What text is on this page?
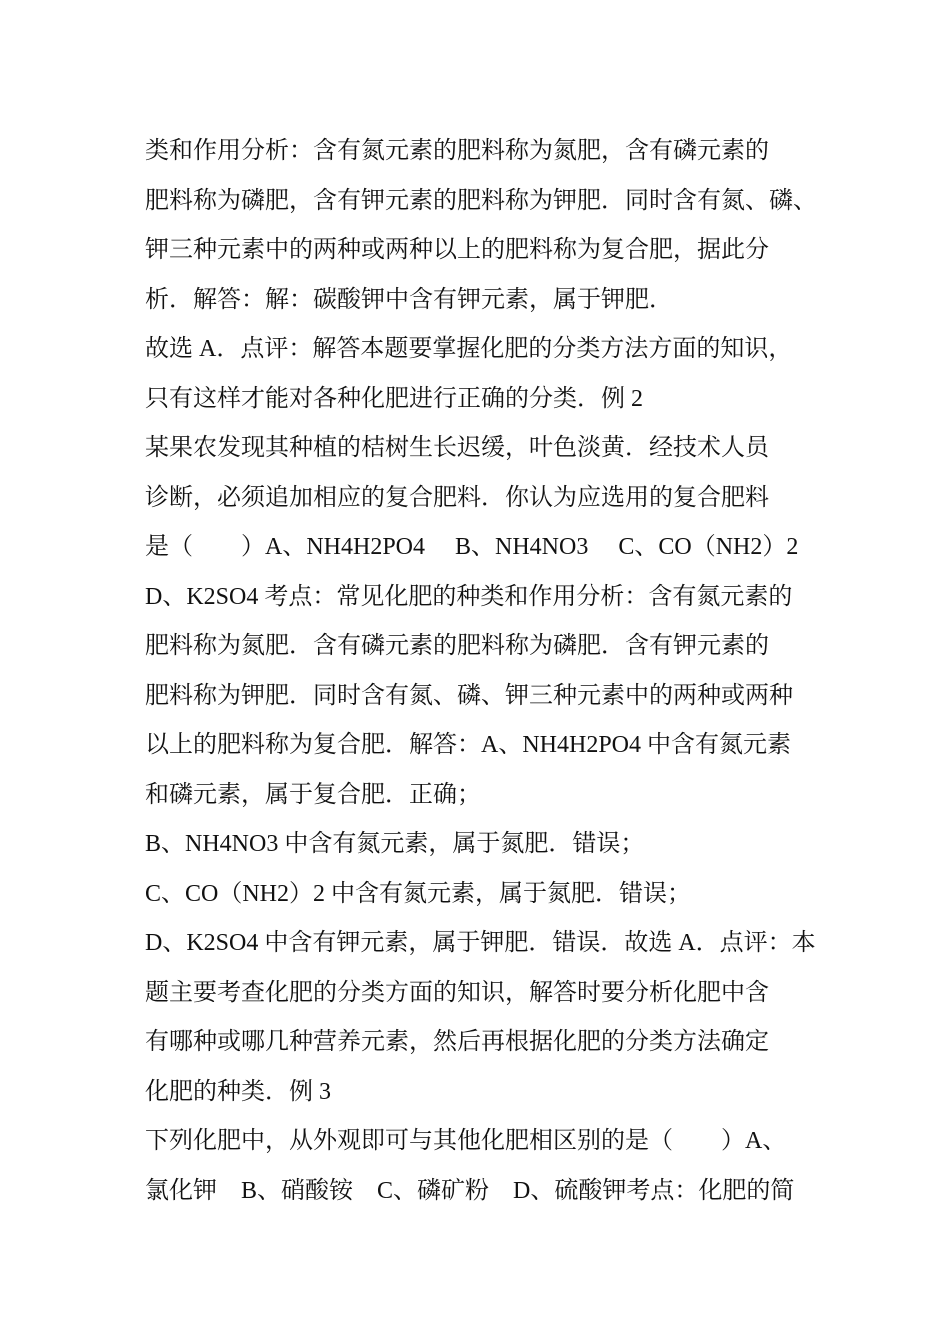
类和作用分析：含有氮元素的肥料称为氮肥，含有磷元素的
肥料称为磷肥，含有钾元素的肥料称为钾肥．同时含有氮、磷、
钾三种元素中的两种或两种以上的肥料称为复合肥，据此分
析．解答：解：碳酸钾中含有钾元素，属于钾肥．
故选 A．点评：解答本题要掌握化肥的分类方法方面的知识，
只有这样才能对各种化肥进行正确的分类．例 2
某果农发现其种植的桔树生长迟缓，叶色淡黄．经技术人员
诊断，必须追加相应的复合肥料．你认为应选用的复合肥料
是（　　）A、NH4H2PO4　 B、NH4NO3　 C、CO（NH2）2
D、K2SO4 考点：常见化肥的种类和作用分析：含有氮元素的
肥料称为氮肥．含有磷元素的肥料称为磷肥．含有钾元素的
肥料称为钾肥．同时含有氮、磷、钾三种元素中的两种或两种
以上的肥料称为复合肥．解答：A、NH4H2PO4 中含有氮元素
和磷元素，属于复合肥．正确；
B、NH4NO3 中含有氮元素，属于氮肥．错误；
C、CO（NH2）2 中含有氮元素，属于氮肥．错误；
D、K2SO4 中含有钾元素，属于钾肥．错误．故选 A．点评：本
题主要考查化肥的分类方面的知识，解答时要分析化肥中含
有哪种或哪几种营养元素，然后再根据化肥的分类方法确定
化肥的种类．例 3
下列化肥中，从外观即可与其他化肥相区别的是（　　）A、
氯化钾　B、硝酸铵　C、磷矿粉　D、硫酸钾考点：化肥的简
